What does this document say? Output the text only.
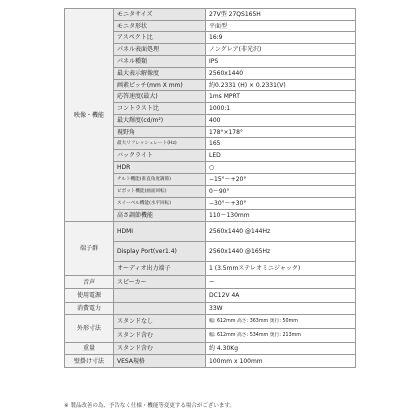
映像・機能	モニタサイズ	27V型 27QS165H
	モニタ形状	平面型
	アスペクト比	16:9
	パネル表面処理	ノングレア(非光沢)
	パネル種類	IPS
	最大表示解像度	2560x1440
	画素ピッチ(mm X mm)	約0.2331 (H) × 0.2331(V)
	応答速度(最大)	1ms MPRT
	コントラスト比	1000:1
	最大輝度(cd/m²)	400
	視野角	178°×178°
	最大リフレッシュレート(Hz)	165
	バックライト	LED
	HDR	○
	チルト機能(垂直角度調節)	−15°～+20°
	ピボット機能(画面回転)	0～90°
	スイーベル機能(水平回転)	−30°～+30°
	高さ調節機能	110～130mm
端子群	HDMI	2560x1440 @144Hz
	Display Port(ver1.4)	2560x1440 @165Hz
	オーディオ出力端子	1 (3.5mmステレオミニジャック)
音声	スピーカー	ー
使用電源		DC12V 4A
消費電力		33W
外形寸法	スタンドなし	幅: 612mm 高さ: 363mm 奥行: 50mm
	スタンド含む	幅: 612mm 高さ: 534mm 奥行: 213mm
重量	スタンド含む	約 4.30Kg
壁掛け寸法	VESA規格	100mm x 100mm
※ 製品改善の為、予告なく仕様・機能等変更する場合がございます。
